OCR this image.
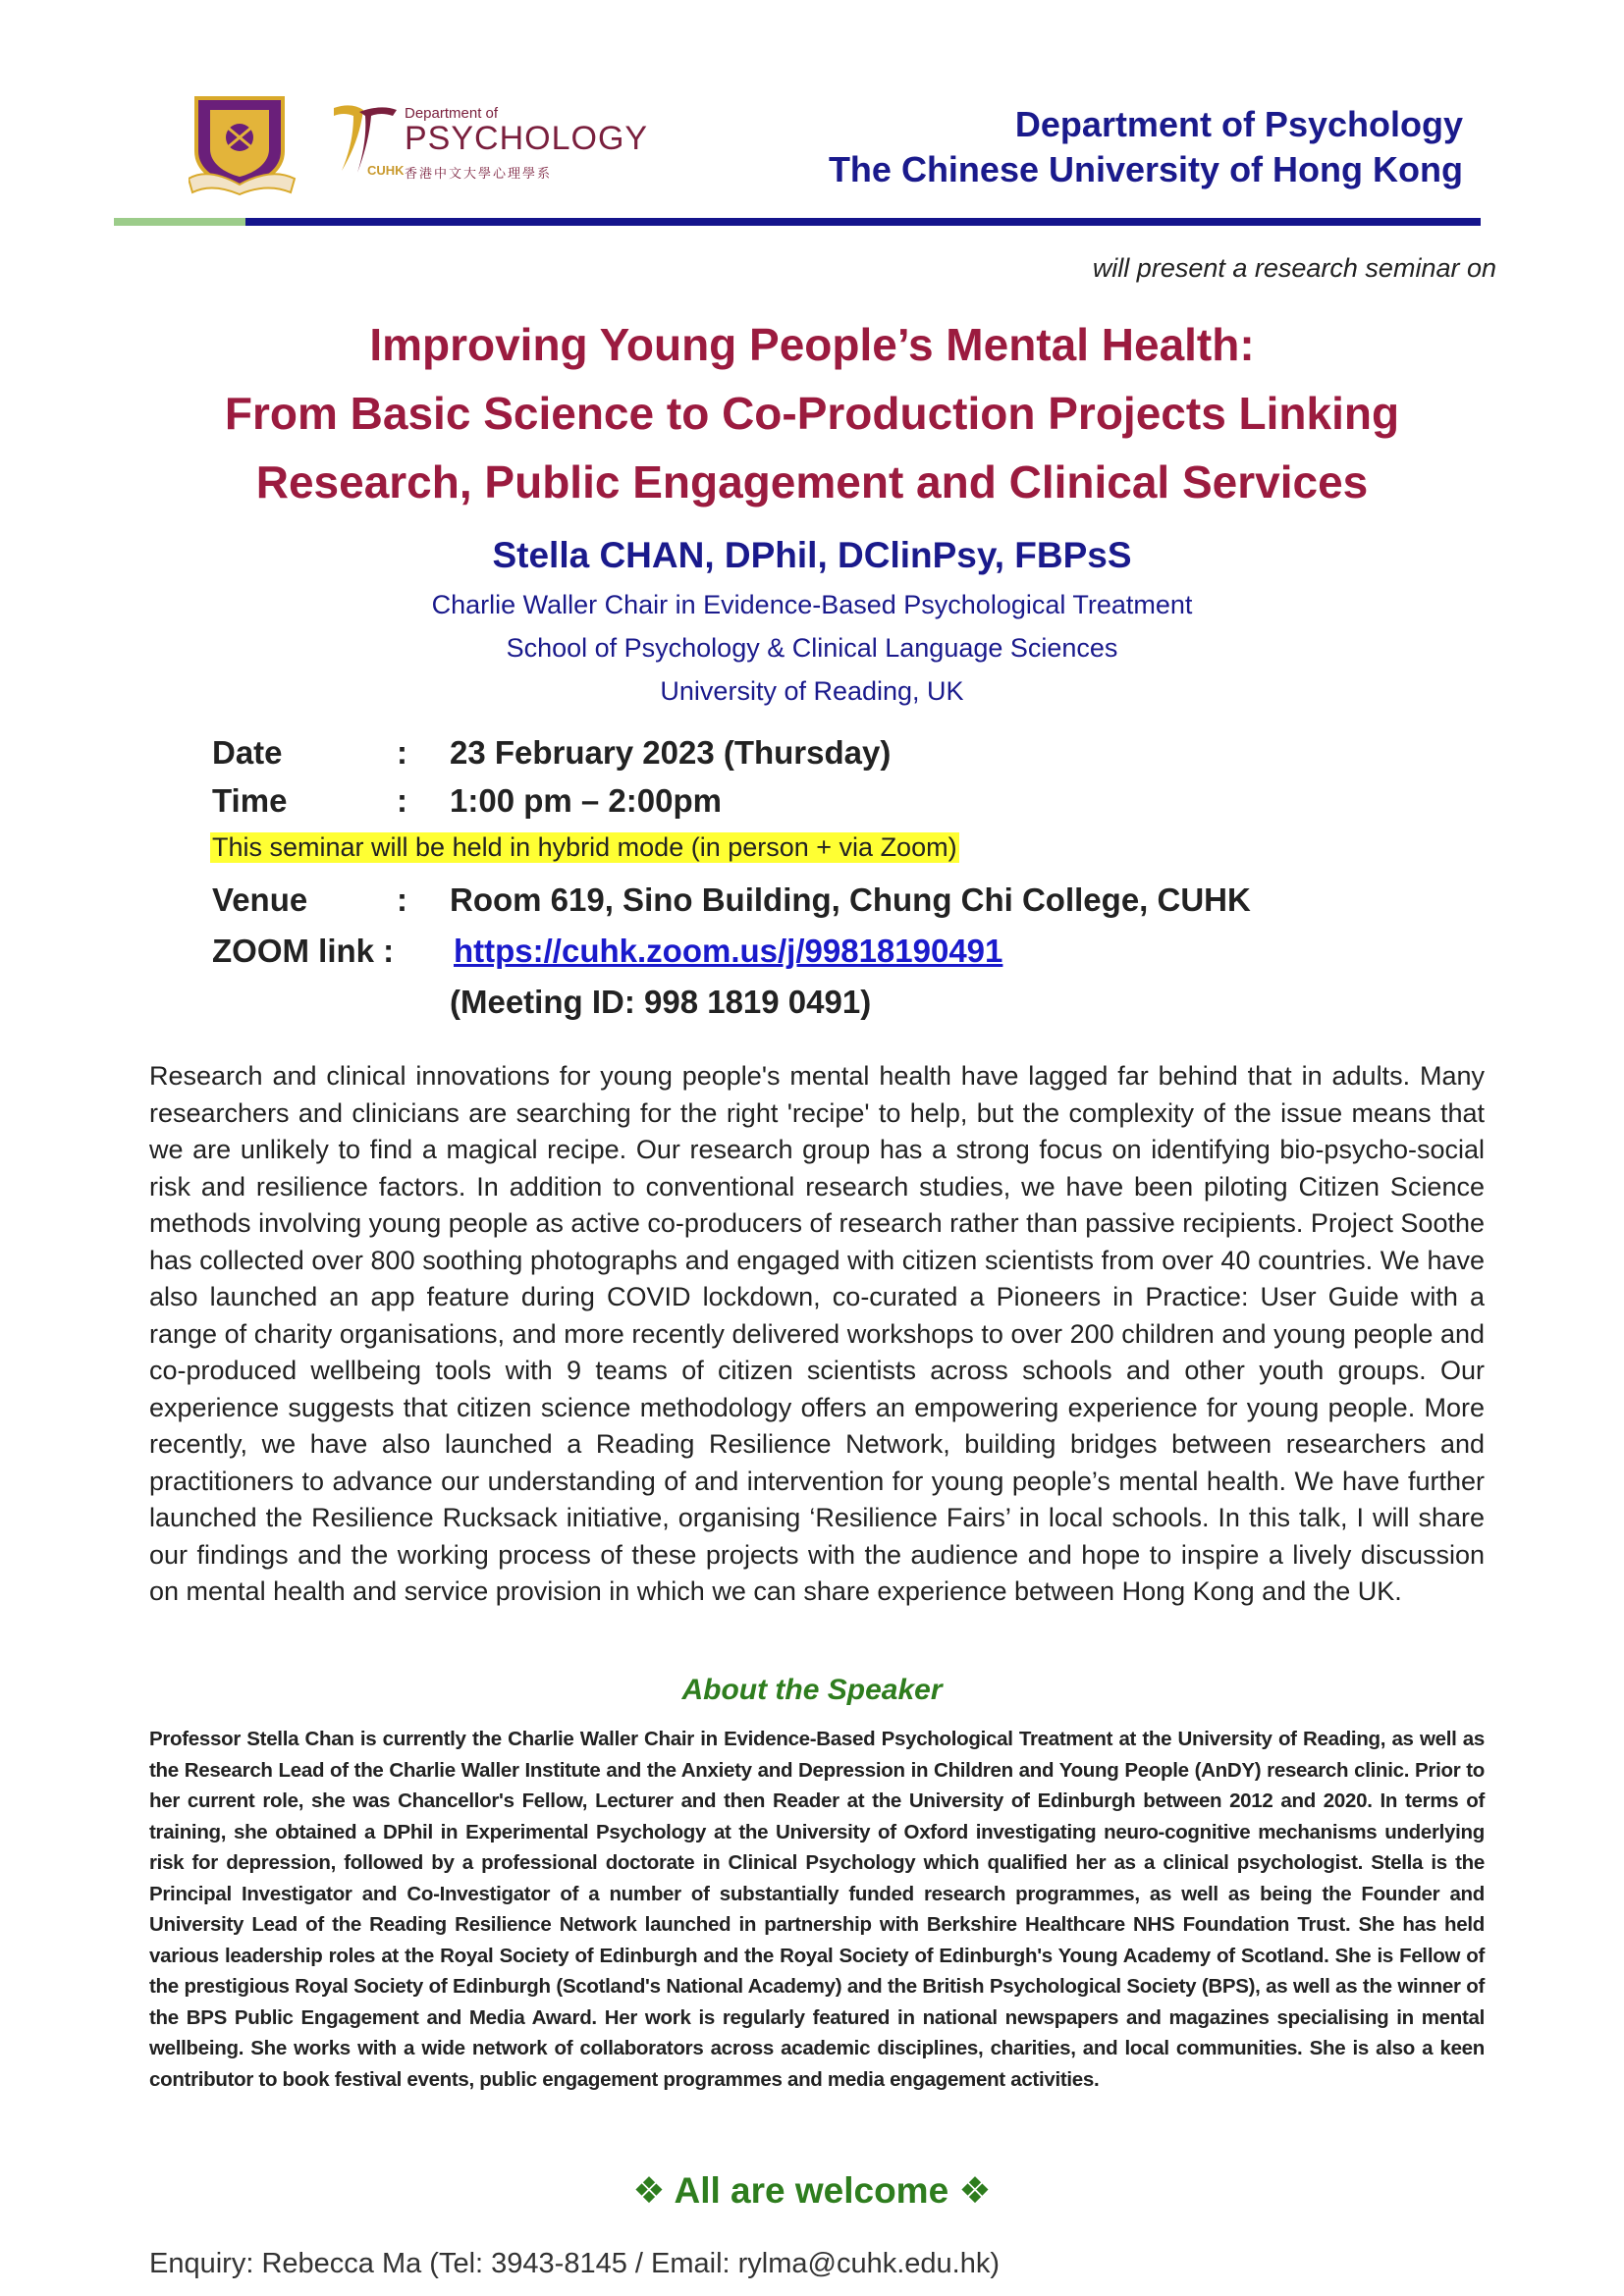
Department of
PSYCHOLOGY
CUHK 香港中文大學心理學系
Department of Psychology
The Chinese University of Hong Kong
will present a research seminar on
Improving Young People’s Mental Health:
From Basic Science to Co-Production Projects Linking
Research, Public Engagement and Clinical Services
Stella CHAN, DPhil, DClinPsy, FBPsS
Charlie Waller Chair in Evidence-Based Psychological Treatment
School of Psychology & Clinical Language Sciences
University of Reading, UK
Date	: 23 February 2023 (Thursday)
Time	: 1:00 pm – 2:00pm
This seminar will be held in hybrid mode (in person + via Zoom)
Venue	: Room 619, Sino Building, Chung Chi College, CUHK
ZOOM link : https://cuhk.zoom.us/j/99818190491
(Meeting ID: 998 1819 0491)
Research and clinical innovations for young people's mental health have lagged far behind that in adults. Many researchers and clinicians are searching for the right 'recipe' to help, but the complexity of the issue means that we are unlikely to find a magical recipe. Our research group has a strong focus on identifying bio-psycho-social risk and resilience factors. In addition to conventional research studies, we have been piloting Citizen Science methods involving young people as active co-producers of research rather than passive recipients. Project Soothe has collected over 800 soothing photographs and engaged with citizen scientists from over 40 countries. We have also launched an app feature during COVID lockdown, co-curated a Pioneers in Practice: User Guide with a range of charity organisations, and more recently delivered workshops to over 200 children and young people and co-produced wellbeing tools with 9 teams of citizen scientists across schools and other youth groups. Our experience suggests that citizen science methodology offers an empowering experience for young people. More recently, we have also launched a Reading Resilience Network, building bridges between researchers and practitioners to advance our understanding of and intervention for young people’s mental health. We have further launched the Resilience Rucksack initiative, organising ‘Resilience Fairs’ in local schools. In this talk, I will share our findings and the working process of these projects with the audience and hope to inspire a lively discussion on mental health and service provision in which we can share experience between Hong Kong and the UK.
About the Speaker
Professor Stella Chan is currently the Charlie Waller Chair in Evidence-Based Psychological Treatment at the University of Reading, as well as the Research Lead of the Charlie Waller Institute and the Anxiety and Depression in Children and Young People (AnDY) research clinic. Prior to her current role, she was Chancellor's Fellow, Lecturer and then Reader at the University of Edinburgh between 2012 and 2020. In terms of training, she obtained a DPhil in Experimental Psychology at the University of Oxford investigating neuro-cognitive mechanisms underlying risk for depression, followed by a professional doctorate in Clinical Psychology which qualified her as a clinical psychologist. Stella is the Principal Investigator and Co-Investigator of a number of substantially funded research programmes, as well as being the Founder and University Lead of the Reading Resilience Network launched in partnership with Berkshire Healthcare NHS Foundation Trust. She has held various leadership roles at the Royal Society of Edinburgh and the Royal Society of Edinburgh's Young Academy of Scotland. She is Fellow of the prestigious Royal Society of Edinburgh (Scotland's National Academy) and the British Psychological Society (BPS), as well as the winner of the BPS Public Engagement and Media Award. Her work is regularly featured in national newspapers and magazines specialising in mental wellbeing. She works with a wide network of collaborators across academic disciplines, charities, and local communities. She is also a keen contributor to book festival events, public engagement programmes and media engagement activities.
❖ All are welcome ❖
Enquiry: Rebecca Ma (Tel: 3943-8145 / Email: rylma@cuhk.edu.hk)
